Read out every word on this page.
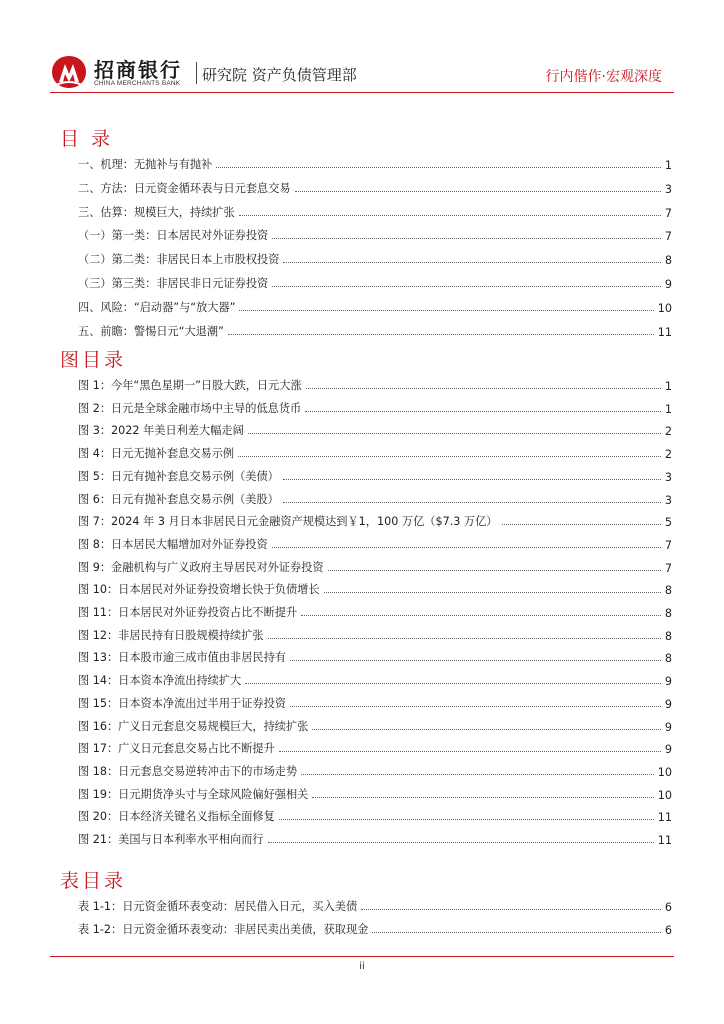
招商银行
CHINA MERCHANTS BANK 研究院 资产负债管理部	行内偕作·宏观深度
目 录
一、机理：无抛补与有抛补	1
二、方法：日元资金循环表与日元套息交易	3
三、估算：规模巨大，持续扩张	7
（一）第一类：日本居民对外证券投资	7
（二）第二类：非居民日本上市股权投资	8
（三）第三类：非居民非日元证券投资	9
四、风险：“启动器”与“放大器”	10
五、前瞻：警惕日元“大退潮”	11
图目录
图 1：今年“黑色星期一”日股大跌，日元大涨	1
图 2：日元是全球金融市场中主导的低息货币	1
图 3：2022 年美日利差大幅走阔	2
图 4：日元无抛补套息交易示例	2
图 5：日元有抛补套息交易示例（美债）	3
图 6：日元有抛补套息交易示例（美股）	3
图 7：2024 年 3 月日本非居民日元金融资产规模达到￥1，100 万亿（$7.3 万亿）	5
图 8：日本居民大幅增加对外证券投资	7
图 9：金融机构与广义政府主导居民对外证券投资	7
图 10：日本居民对外证券投资增长快于负债增长	8
图 11：日本居民对外证券投资占比不断提升	8
图 12：非居民持有日股规模持续扩张	8
图 13：日本股市逾三成市值由非居民持有	8
图 14：日本资本净流出持续扩大	9
图 15：日本资本净流出过半用于证券投资	9
图 16：广义日元套息交易规模巨大，持续扩张	9
图 17：广义日元套息交易占比不断提升	9
图 18：日元套息交易逆转冲击下的市场走势	10
图 19：日元期货净头寸与全球风险偏好强相关	10
图 20：日本经济关键名义指标全面修复	11
图 21：美国与日本利率水平相向而行	11
表目录
表 1-1：日元资金循环表变动：居民借入日元，买入美债	6
表 1-2：日元资金循环表变动：非居民卖出美债，获取现金	6
ii
